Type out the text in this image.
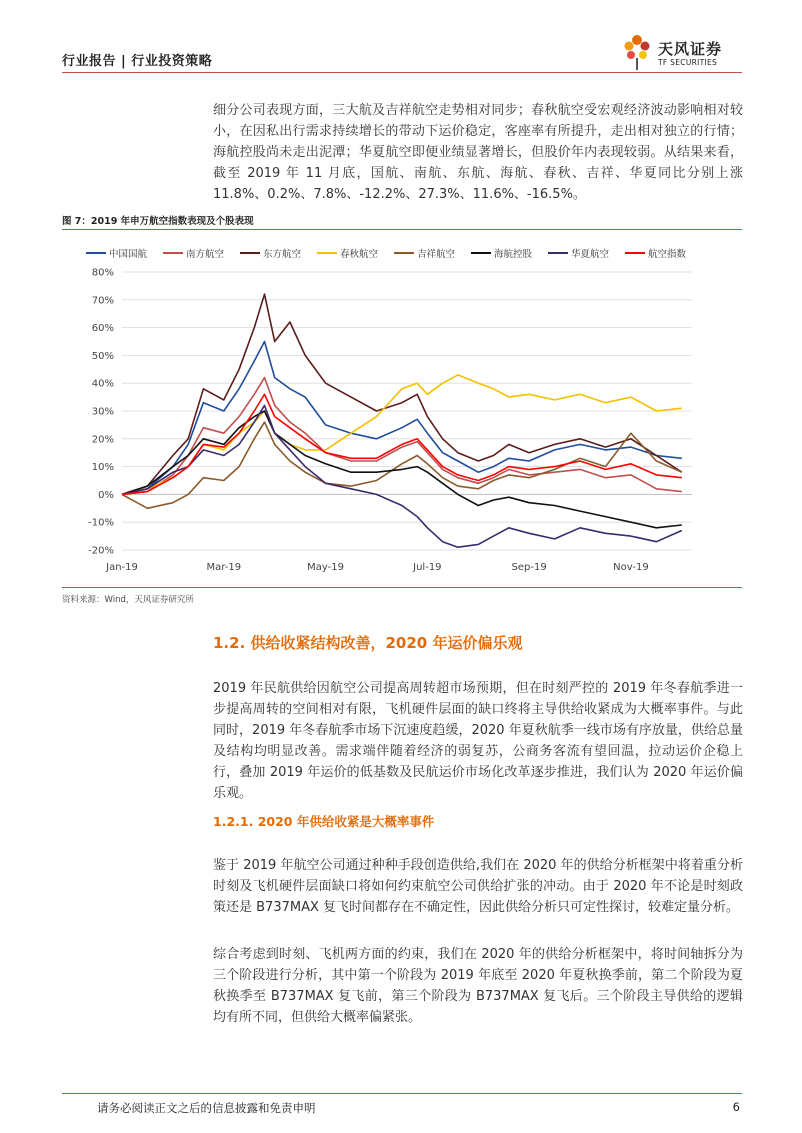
行业报告 | 行业投资策略
天风证券
TF SECURITIES

细分公司表现方面，三大航及吉祥航空走势相对同步；春秋航空受宏观经济波动影响相对较小，在因私出行需求持续增长的带动下运价稳定，客座率有所提升，走出相对独立的行情；海航控股尚未走出泥潭；华夏航空即便业绩显著增长，但股价年内表现较弱。从结果来看，截至 2019 年 11 月底，国航、南航、东航、海航、春秋、吉祥、华夏同比分别上涨 11.8%、0.2%、7.8%、-12.2%、27.3%、11.6%、-16.5%。

图 7：2019 年申万航空指数表现及个股表现
中国国航	南方航空	东方航空	春秋航空	吉祥航空	海航控股	华夏航空	航空指数
80%
70%
60%
50%
40%
30%
20%
10%
0%
-10%
-20%
Jan-19	Mar-19	May-19	Jul-19	Sep-19	Nov-19
资料来源：Wind，天风证券研究所
1.2. 供给收紧结构改善，2020 年运价偏乐观

2019 年民航供给因航空公司提高周转超市场预期，但在时刻严控的 2019 年冬春航季进一步提高周转的空间相对有限，飞机硬件层面的缺口终将主导供给收紧成为大概率事件。与此同时，2019 年冬春航季市场下沉速度趋缓，2020 年夏秋航季一线市场有序放量，供给总量及结构均明显改善。需求端伴随着经济的弱复苏，公商务客流有望回温，拉动运价企稳上行，叠加 2019 年运价的低基数及民航运价市场化改革逐步推进，我们认为 2020 年运价偏乐观。

1.2.1. 2020 年供给收紧是大概率事件

鉴于 2019 年航空公司通过种种手段创造供给,我们在 2020 年的供给分析框架中将着重分析时刻及飞机硬件层面缺口将如何约束航空公司供给扩张的冲动。由于 2020 年不论是时刻政策还是 B737MAX 复飞时间都存在不确定性，因此供给分析只可定性探讨，较难定量分析。

综合考虑到时刻、飞机两方面的约束，我们在 2020 年的供给分析框架中，将时间轴拆分为三个阶段进行分析，其中第一个阶段为 2019 年底至 2020 年夏秋换季前，第二个阶段为夏秋换季至 B737MAX 复飞前，第三个阶段为 B737MAX 复飞后。三个阶段主导供给的逻辑均有所不同，但供给大概率偏紧张。

请务必阅读正文之后的信息披露和免责申明	6
